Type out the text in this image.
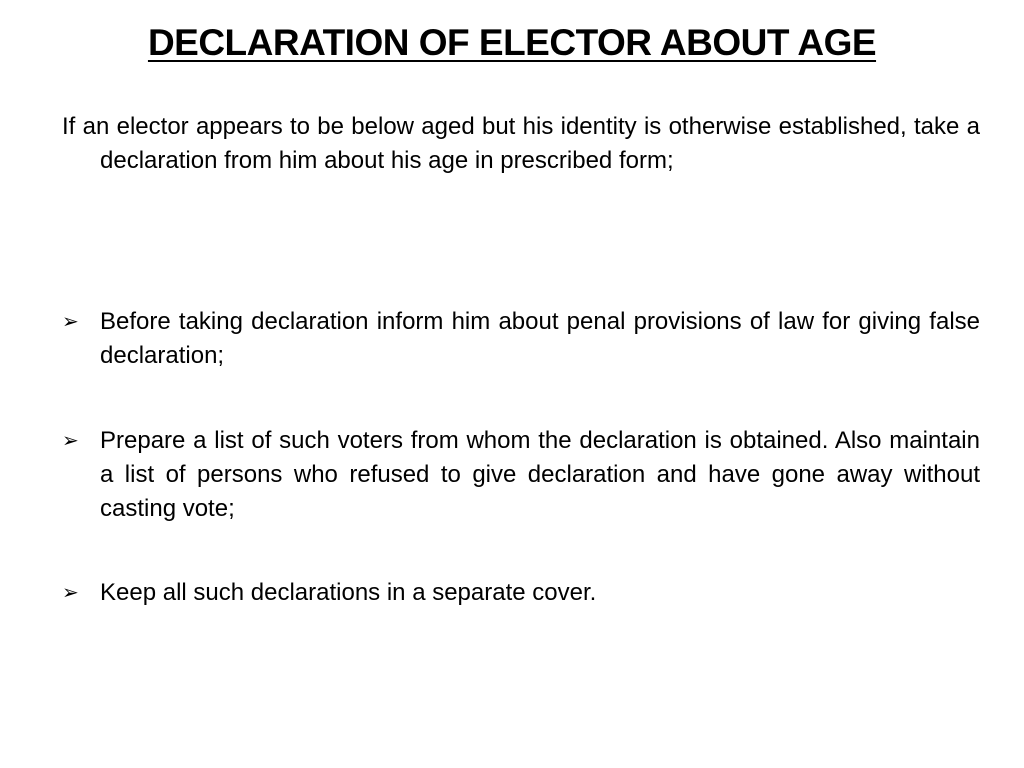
DECLARATION OF ELECTOR ABOUT AGE
If an elector appears to be below aged but his identity is otherwise established, take a declaration from him about his age in prescribed form;
➢ Before taking declaration inform him about penal provisions of law for giving false declaration;
➢ Prepare a list of such voters from whom the declaration is obtained. Also maintain a list of persons who refused to give declaration and have gone away without casting vote;
➢ Keep all such declarations in a separate cover.
